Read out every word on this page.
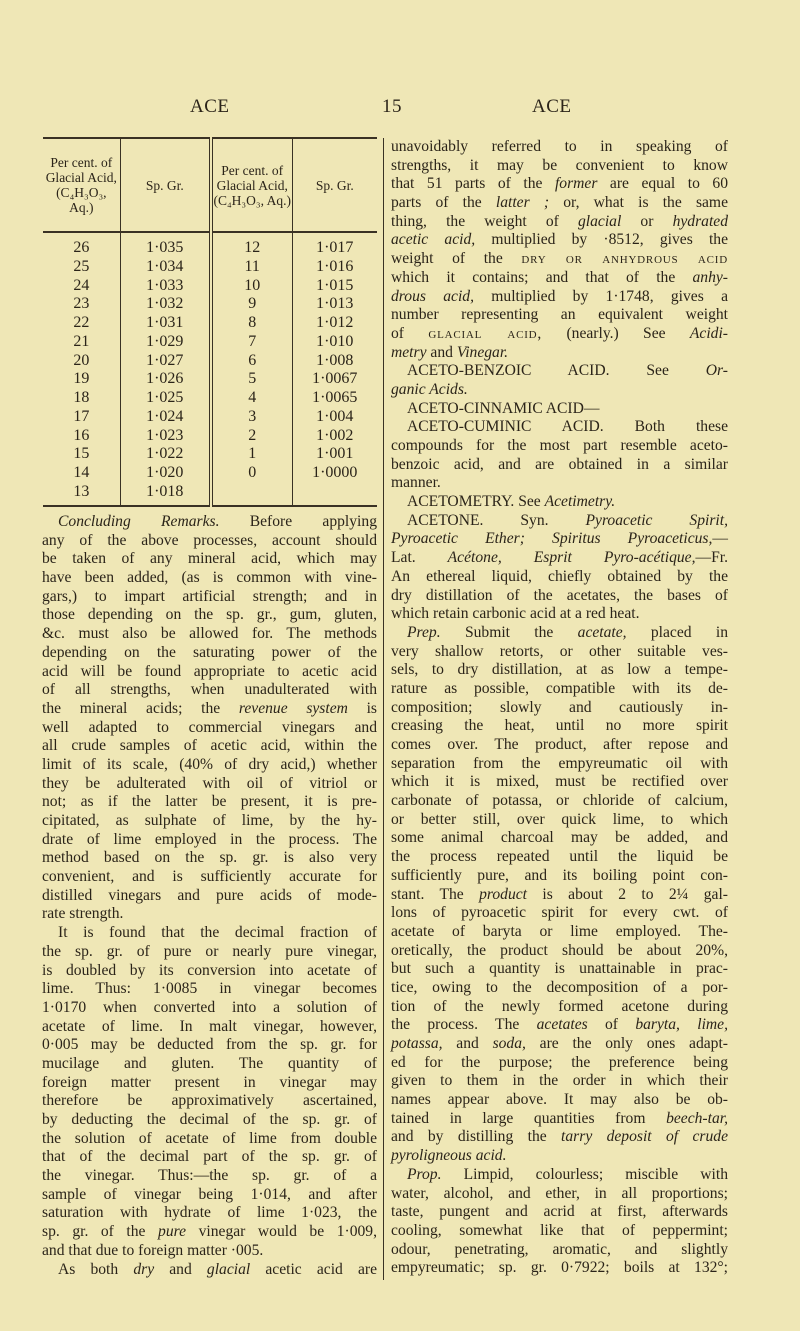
ACE	15	ACE
Per cent. of Glacial Acid, (C₄H₃O₃, Aq.)	Sp. Gr.	Per cent. of Glacial Acid, (C₄H₃O₃, Aq.)	Sp. Gr.
26	1·035	12	1·017
25	1·034	11	1·016
24	1·033	10	1·015
23	1·032	9	1·013
22	1·031	8	1·012
21	1·029	7	1·010
20	1·027	6	1·008
19	1·026	5	1·0067
18	1·025	4	1·0065
17	1·024	3	1·004
16	1·023	2	1·002
15	1·022	1	1·001
14	1·020	0	1·0000
13	1·018		
Concluding Remarks. Before applying
any of the above processes, account should
be taken of any mineral acid, which may
have been added, (as is common with vine-
gars,) to impart artificial strength; and in
those depending on the sp. gr., gum, gluten,
&c. must also be allowed for. The methods
depending on the saturating power of the
acid will be found appropriate to acetic acid
of all strengths, when unadulterated with
the mineral acids; the revenue system is
well adapted to commercial vinegars and
all crude samples of acetic acid, within the
limit of its scale, (40% of dry acid,) whether
they be adulterated with oil of vitriol or
not; as if the latter be present, it is pre-
cipitated, as sulphate of lime, by the hy-
drate of lime employed in the process. The
method based on the sp. gr. is also very
convenient, and is sufficiently accurate for
distilled vinegars and pure acids of mode-
rate strength.
It is found that the decimal fraction of
the sp. gr. of pure or nearly pure vinegar,
is doubled by its conversion into acetate of
lime. Thus: 1·0085 in vinegar becomes
1·0170 when converted into a solution of
acetate of lime. In malt vinegar, however,
0·005 may be deducted from the sp. gr. for
mucilage and gluten. The quantity of
foreign matter present in vinegar may
therefore be approximatively ascertained,
by deducting the decimal of the sp. gr. of
the solution of acetate of lime from double
that of the decimal part of the sp. gr. of
the vinegar. Thus:—the sp. gr. of a
sample of vinegar being 1·014, and after
saturation with hydrate of lime 1·023, the
sp. gr. of the pure vinegar would be 1·009,
and that due to foreign matter ·005.
As both dry and glacial acetic acid are
unavoidably referred to in speaking of
strengths, it may be convenient to know
that 51 parts of the former are equal to 60
parts of the latter ; or, what is the same
thing, the weight of glacial or hydrated
acetic acid, multiplied by ·8512, gives the
weight of the dry or anhydrous acid
which it contains; and that of the anhy-
drous acid, multiplied by 1·1748, gives a
number representing an equivalent weight
of glacial acid, (nearly.) See Acidi-
metry and Vinegar.
ACETO-BENZOIC ACID. See Or-
ganic Acids.
ACETO-CINNAMIC ACID—
ACETO-CUMINIC ACID. Both these
compounds for the most part resemble aceto-
benzoic acid, and are obtained in a similar
manner.
ACETOMETRY. See Acetimetry.
ACETONE. Syn. Pyroacetic Spirit,
Pyroacetic Ether; Spiritus Pyroaceticus,—
Lat. Acétone, Esprit Pyro-acétique,—Fr.
An ethereal liquid, chiefly obtained by the
dry distillation of the acetates, the bases of
which retain carbonic acid at a red heat.
Prep. Submit the acetate, placed in
very shallow retorts, or other suitable ves-
sels, to dry distillation, at as low a tempe-
rature as possible, compatible with its de-
composition; slowly and cautiously in-
creasing the heat, until no more spirit
comes over. The product, after repose and
separation from the empyreumatic oil with
which it is mixed, must be rectified over
carbonate of potassa, or chloride of calcium,
or better still, over quick lime, to which
some animal charcoal may be added, and
the process repeated until the liquid be
sufficiently pure, and its boiling point con-
stant. The product is about 2 to 2¼ gal-
lons of pyroacetic spirit for every cwt. of
acetate of baryta or lime employed. The-
oretically, the product should be about 20%,
but such a quantity is unattainable in prac-
tice, owing to the decomposition of a por-
tion of the newly formed acetone during
the process. The acetates of baryta, lime,
potassa, and soda, are the only ones adapt-
ed for the purpose; the preference being
given to them in the order in which their
names appear above. It may also be ob-
tained in large quantities from beech-tar,
and by distilling the tarry deposit of crude
pyroligneous acid.
Prop. Limpid, colourless; miscible with
water, alcohol, and ether, in all proportions;
taste, pungent and acrid at first, afterwards
cooling, somewhat like that of peppermint;
odour, penetrating, aromatic, and slightly
empyreumatic; sp. gr. 0·7922; boils at 132°;
